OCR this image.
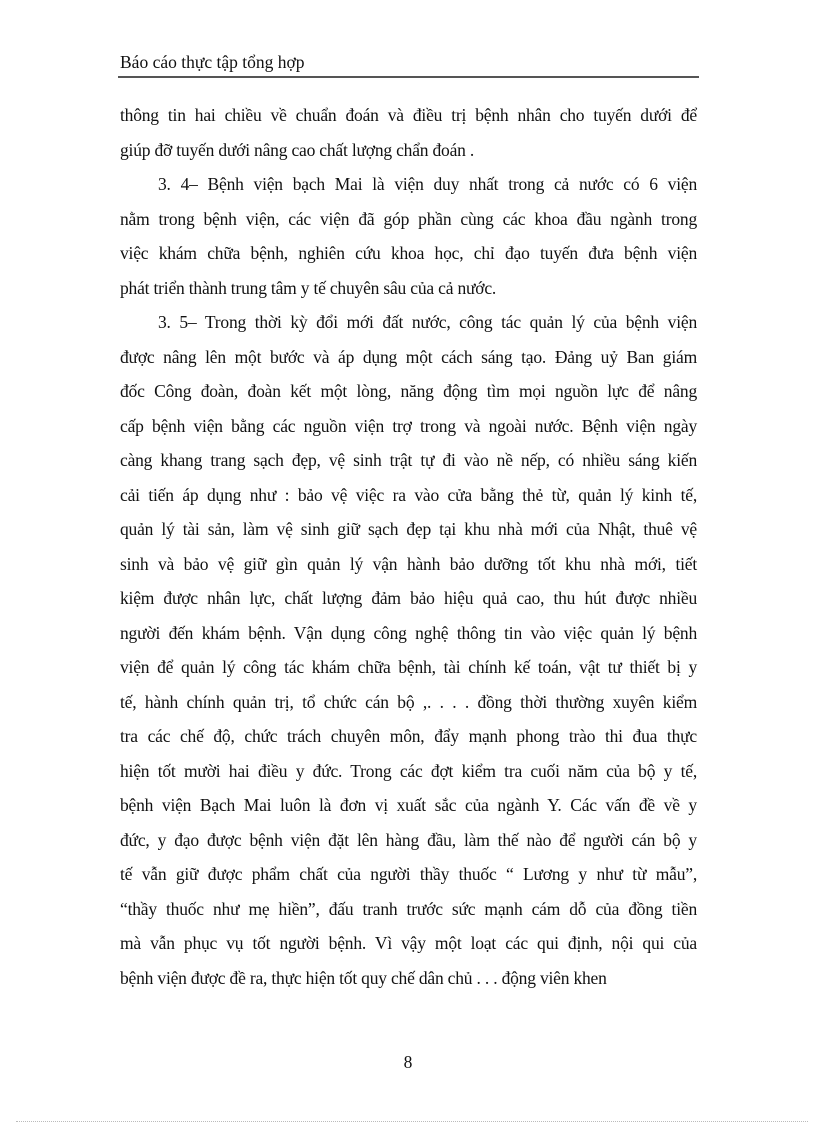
Báo cáo thực tập tổng hợp
thông tin hai chiều về chuẩn đoán và điều trị bệnh nhân cho tuyến dưới để
giúp đỡ tuyến dưới nâng cao chất lượng chẩn đoán .
3. 4– Bệnh viện bạch Mai là viện duy nhất trong cả nước có 6 viện
nằm trong bệnh viện, các viện đã góp phần cùng các khoa đầu ngành trong
việc khám chữa bệnh, nghiên cứu khoa học, chỉ đạo tuyến đưa bệnh viện
phát triển thành trung tâm y tế chuyên sâu của cả nước.
3. 5– Trong thời kỳ đổi mới đất nước, công tác quản lý của bệnh viện
được nâng lên một bước và áp dụng một cách sáng tạo. Đảng uỷ Ban giám
đốc Công đoàn, đoàn kết một lòng, năng động tìm mọi nguồn lực để nâng
cấp bệnh viện bằng các nguồn viện trợ trong và ngoài nước. Bệnh viện ngày
càng khang trang sạch đẹp, vệ sinh trật tự đi vào nề nếp, có nhiều sáng kiến
cải tiến áp dụng như : bảo vệ việc ra vào cửa bằng thẻ từ, quản lý kinh tế,
quản lý tài sản, làm vệ sinh giữ sạch đẹp tại khu nhà mới của Nhật, thuê vệ
sinh và bảo vệ giữ gìn quản lý vận hành bảo dưỡng tốt khu nhà mới, tiết
kiệm được nhân lực, chất lượng đảm bảo hiệu quả cao, thu hút được nhiều
người đến khám bệnh. Vận dụng công nghệ thông tin vào việc quản lý bệnh
viện để quản lý công tác khám chữa bệnh, tài chính kế toán, vật tư thiết bị y
tế, hành chính quản trị, tổ chức cán bộ ,. . . . đồng thời thường xuyên kiểm
tra các chế độ, chức trách chuyên môn, đẩy mạnh phong trào thi đua thực
hiện tốt mười hai điều y đức. Trong các đợt kiểm tra cuối năm của bộ y tế,
bệnh viện Bạch Mai luôn là đơn vị xuất sắc của ngành Y. Các vấn đề về y
đức, y đạo được bệnh viện đặt lên hàng đầu, làm thế nào để người cán bộ y
tế vẫn giữ được phẩm chất của người thầy thuốc “ Lương y như từ mẫu”,
“thầy thuốc như mẹ hiền”, đấu tranh trước sức mạnh cám dỗ của đồng tiền
mà vẫn phục vụ tốt người bệnh. Vì vậy một loạt các qui định, nội qui của
bệnh viện được đề ra, thực hiện tốt quy chế dân chủ . . . động viên khen
8
